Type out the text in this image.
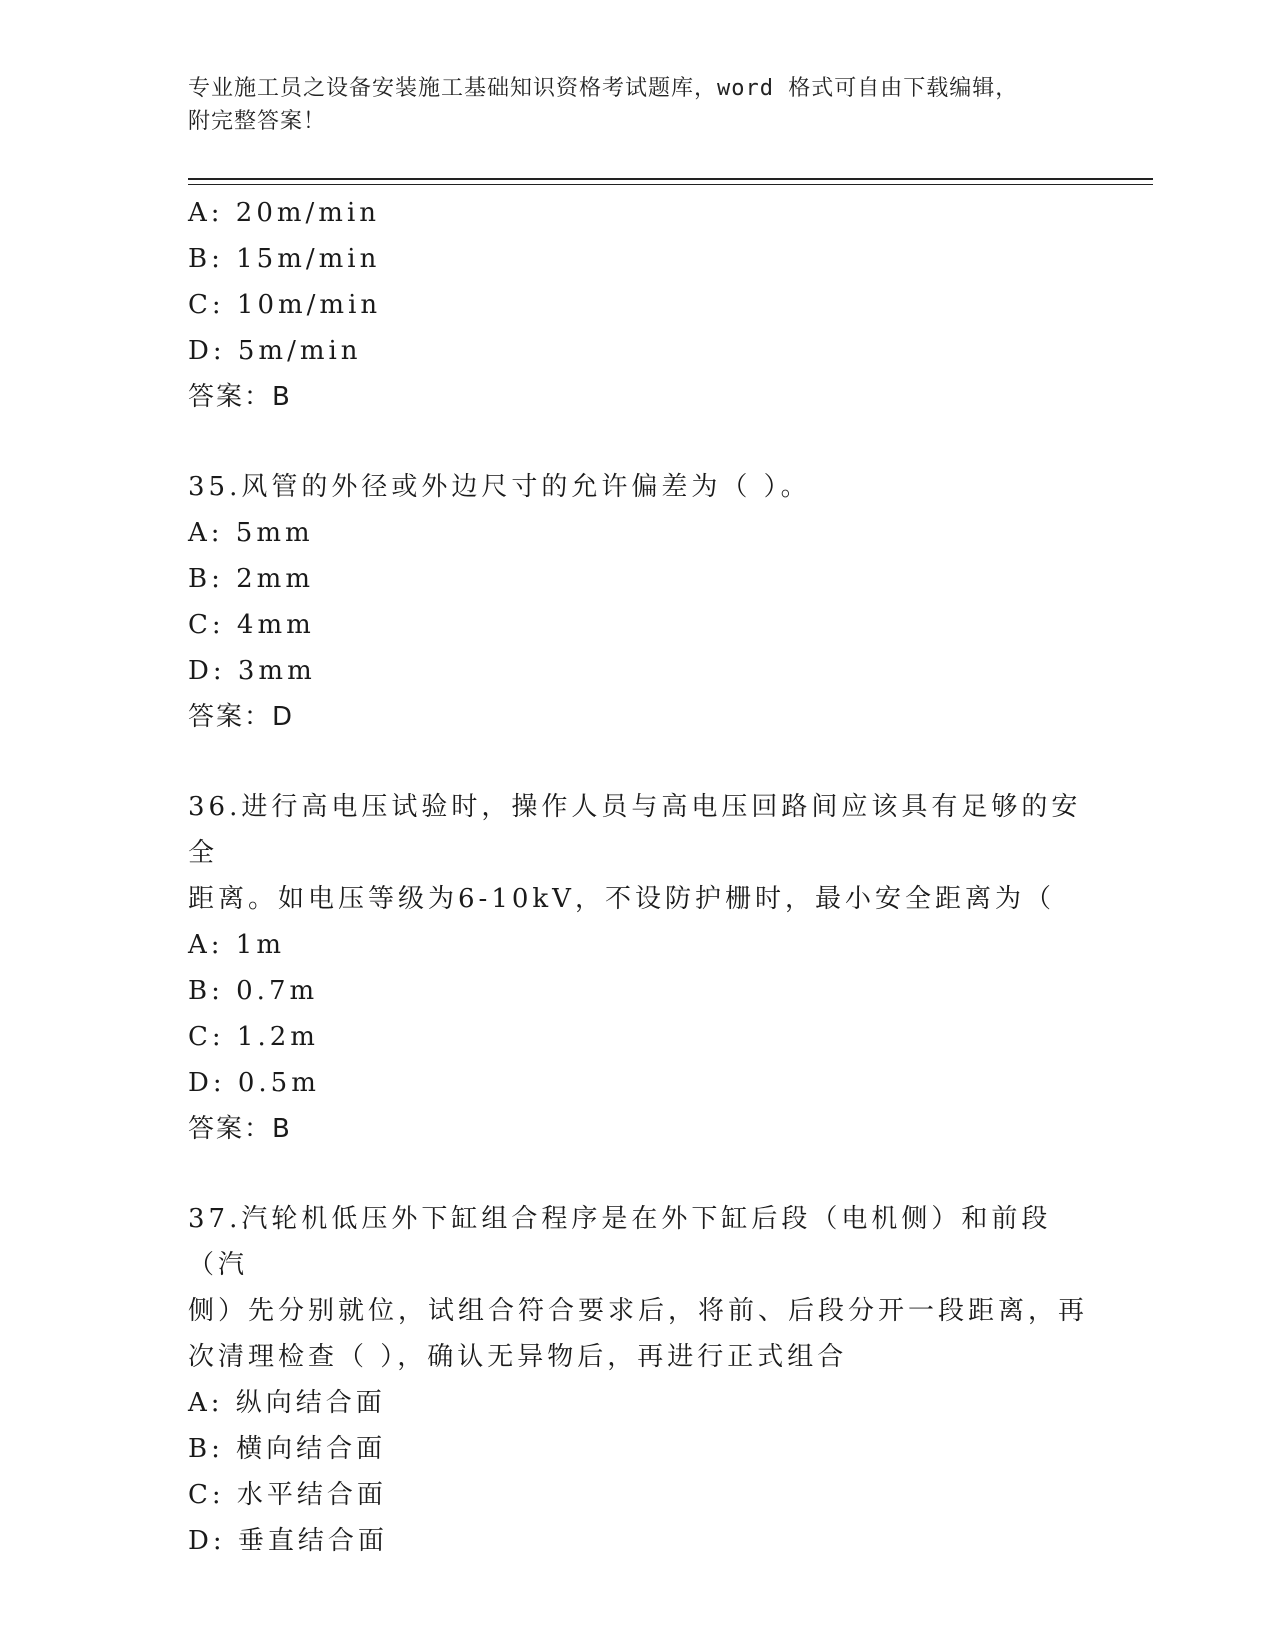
专业施工员之设备安装施工基础知识资格考试题库，word 格式可自由下载编辑，
附完整答案！
A: 20m/min
B: 15m/min
C: 10m/min
D: 5m/min
答案：B
35.风管的外径或外边尺寸的允许偏差为（ ）。
A: 5mm
B: 2mm
C: 4mm
D: 3mm
答案：D
36.进行高电压试验时，操作人员与高电压回路间应该具有足够的安全
距离。如电压等级为6-10kV，不设防护栅时，最小安全距离为（
A: 1m
B: 0.7m
C: 1.2m
D: 0.5m
答案：B
37.汽轮机低压外下缸组合程序是在外下缸后段（电机侧）和前段（汽
侧）先分别就位，试组合符合要求后，将前、后段分开一段距离，再
次清理检查（ ），确认无异物后，再进行正式组合
A: 纵向结合面
B: 横向结合面
C: 水平结合面
D: 垂直结合面
